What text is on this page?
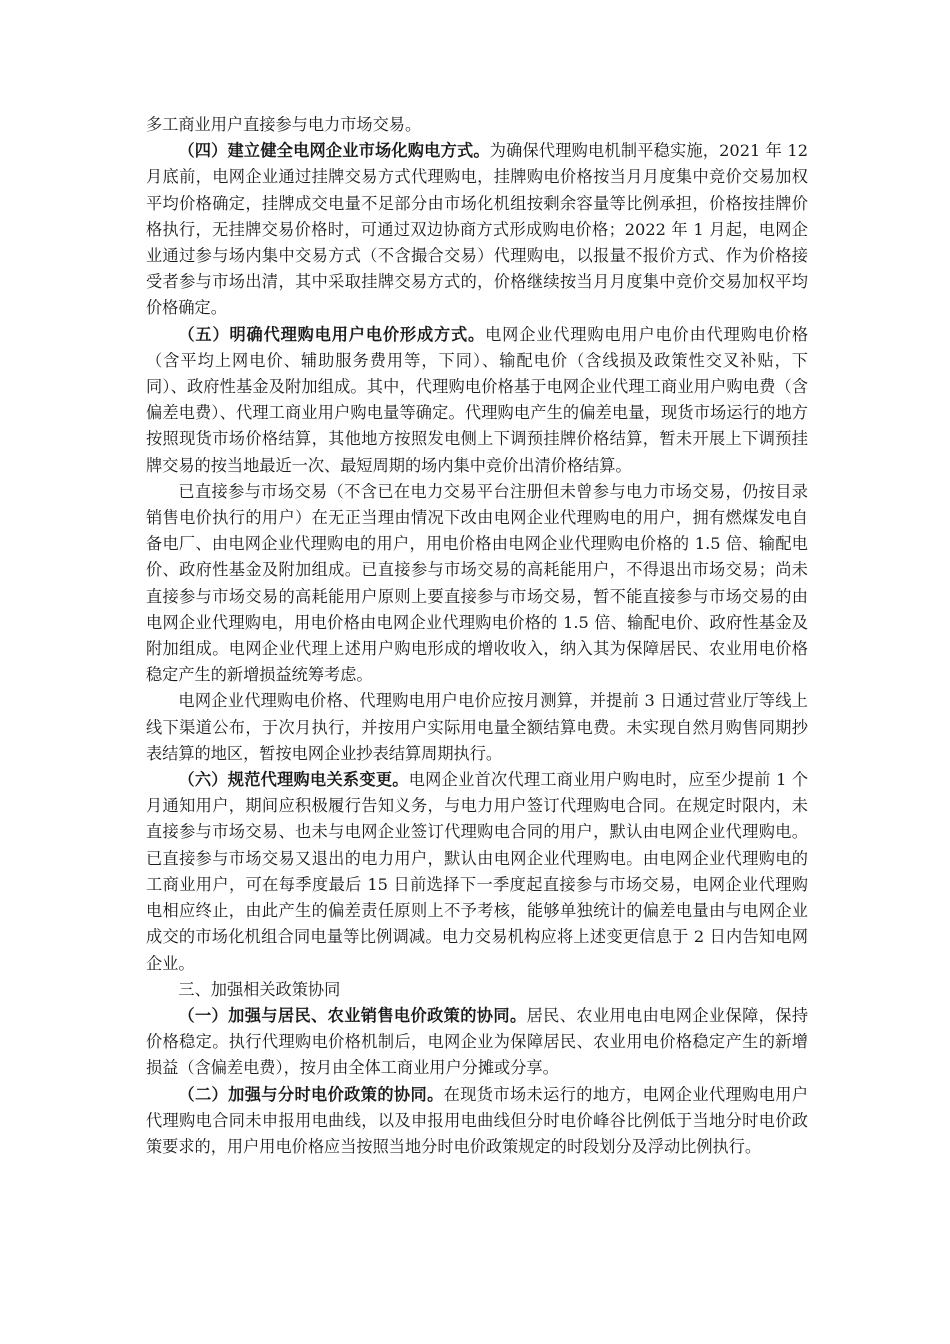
多工商业用户直接参与电力市场交易。

（四）建立健全电网企业市场化购电方式。为确保代理购电机制平稳实施，2021 年 12 月底前，电网企业通过挂牌交易方式代理购电，挂牌购电价格按当月月度集中竞价交易加权平均价格确定，挂牌成交电量不足部分由市场化机组按剩余容量等比例承担，价格按挂牌价格执行，无挂牌交易价格时，可通过双边协商方式形成购电价格；2022 年 1 月起，电网企业通过参与场内集中交易方式（不含撮合交易）代理购电，以报量不报价方式、作为价格接受者参与市场出清，其中采取挂牌交易方式的，价格继续按当月月度集中竞价交易加权平均价格确定。

（五）明确代理购电用户电价形成方式。电网企业代理购电用户电价由代理购电价格（含平均上网电价、辅助服务费用等，下同）、输配电价（含线损及政策性交叉补贴，下同）、政府性基金及附加组成。其中，代理购电价格基于电网企业代理工商业用户购电费（含偏差电费）、代理工商业用户购电量等确定。代理购电产生的偏差电量，现货市场运行的地方按照现货市场价格结算，其他地方按照发电侧上下调预挂牌价格结算，暂未开展上下调预挂牌交易的按当地最近一次、最短周期的场内集中竞价出清价格结算。

已直接参与市场交易（不含已在电力交易平台注册但未曾参与电力市场交易，仍按目录销售电价执行的用户）在无正当理由情况下改由电网企业代理购电的用户，拥有燃煤发电自备电厂、由电网企业代理购电的用户，用电价格由电网企业代理购电价格的 1.5 倍、输配电价、政府性基金及附加组成。已直接参与市场交易的高耗能用户，不得退出市场交易；尚未直接参与市场交易的高耗能用户原则上要直接参与市场交易，暂不能直接参与市场交易的由电网企业代理购电，用电价格由电网企业代理购电价格的 1.5 倍、输配电价、政府性基金及附加组成。电网企业代理上述用户购电形成的增收收入，纳入其为保障居民、农业用电价格稳定产生的新增损益统筹考虑。

电网企业代理购电价格、代理购电用户电价应按月测算，并提前 3 日通过营业厅等线上线下渠道公布，于次月执行，并按用户实际用电量全额结算电费。未实现自然月购售同期抄表结算的地区，暂按电网企业抄表结算周期执行。

（六）规范代理购电关系变更。电网企业首次代理工商业用户购电时，应至少提前 1 个月通知用户，期间应积极履行告知义务，与电力用户签订代理购电合同。在规定时限内，未直接参与市场交易、也未与电网企业签订代理购电合同的用户，默认由电网企业代理购电。已直接参与市场交易又退出的电力用户，默认由电网企业代理购电。由电网企业代理购电的工商业用户，可在每季度最后 15 日前选择下一季度起直接参与市场交易，电网企业代理购电相应终止，由此产生的偏差责任原则上不予考核，能够单独统计的偏差电量由与电网企业成交的市场化机组合同电量等比例调减。电力交易机构应将上述变更信息于 2 日内告知电网企业。

三、加强相关政策协同

（一）加强与居民、农业销售电价政策的协同。居民、农业用电由电网企业保障，保持价格稳定。执行代理购电价格机制后，电网企业为保障居民、农业用电价格稳定产生的新增损益（含偏差电费），按月由全体工商业用户分摊或分享。

（二）加强与分时电价政策的协同。在现货市场未运行的地方，电网企业代理购电用户代理购电合同未申报用电曲线，以及申报用电曲线但分时电价峰谷比例低于当地分时电价政策要求的，用户用电价格应当按照当地分时电价政策规定的时段划分及浮动比例执行。
